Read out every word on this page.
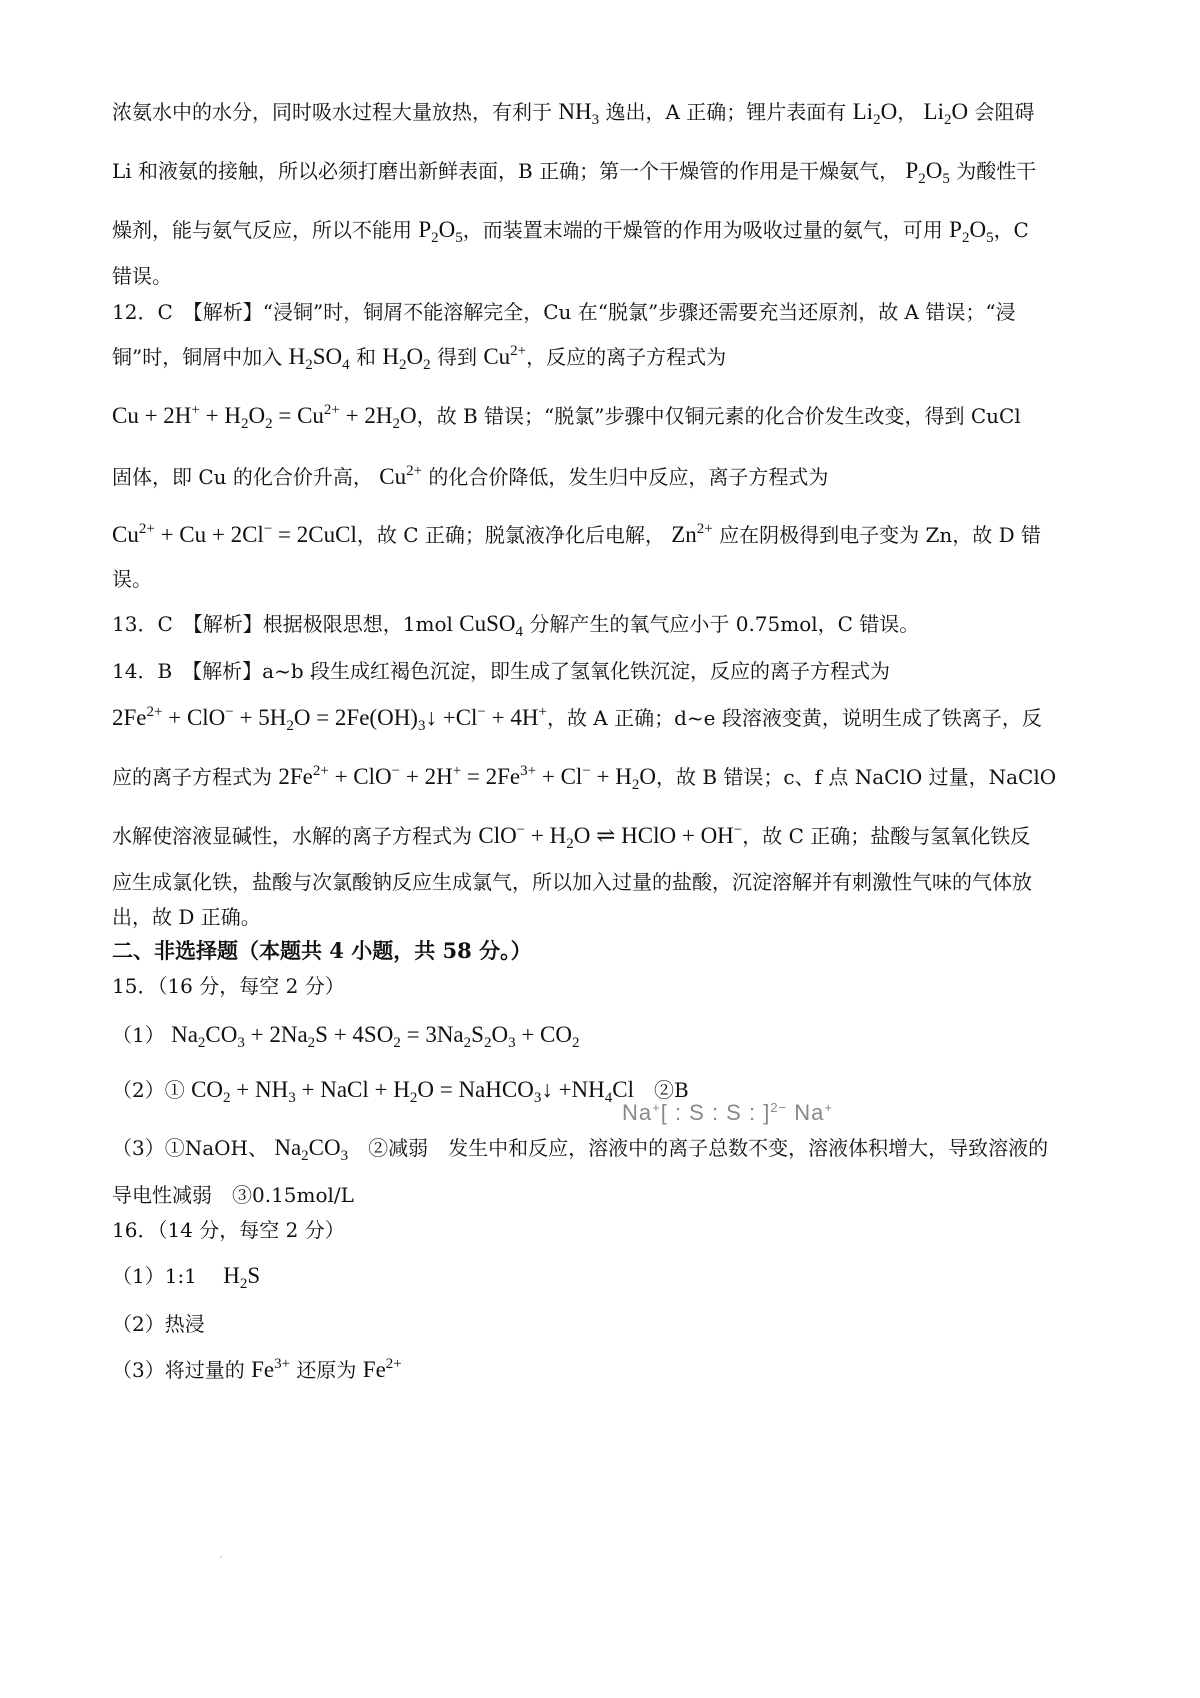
浓氨水中的水分，同时吸水过程大量放热，有利于 $NH_3$ 逸出，A 正确；锂片表面有 $Li_2O$， $Li_2O$ 会阻碍
Li 和液氨的接触，所以必须打磨出新鲜表面，B 正确；第一个干燥管的作用是干燥氨气， $P_2O_5$ 为酸性干
燥剂，能与氨气反应，所以不能用 $P_2O_5$，而装置末端的干燥管的作用为吸收过量的氨气，可用 $P_2O_5$，C
错误。
12．C　【解析】“浸铜”时，铜屑不能溶解完全，Cu 在“脱氯”步骤还需要充当还原剂，故 A 错误；“浸
铜”时，铜屑中加入 $H_2SO_4$ 和 $H_2O_2$ 得到 $Cu^{2+}$，反应的离子方程式为
$Cu + 2H^+ + H_2O_2 = Cu^{2+} + 2H_2O$，故 B 错误；“脱氯”步骤中仅铜元素的化合价发生改变，得到 CuCl
固体，即 Cu 的化合价升高， $Cu^{2+}$ 的化合价降低，发生归中反应，离子方程式为
$Cu^{2+} + Cu + 2Cl^-$ = 2CuCl，故 C 正确；脱氯液净化后电解， $Zn^{2+}$ 应在阴极得到电子变为 Zn，故 D 错
误。
13．C　【解析】根据极限思想，1mol CuSO$_4$ 分解产生的氧气应小于 0.75mol，C 错误。
14．B　【解析】a~b 段生成红褐色沉淀，即生成了氢氧化铁沉淀，反应的离子方程式为
$2Fe^{2+} + ClO^- + 5H_2O$ = $2Fe(OH)_3↓ +Cl^- + 4H^+$，故 A 正确；d~e 段溶液变黄，说明生成了铁离子，反
应的离子方程式为 $2Fe^{2+} + ClO^- + 2H^+ = 2Fe^{3+} + Cl^- + H_2O$，故 B 错误；c、f 点 NaClO 过量，NaClO
水解使溶液显碱性，水解的离子方程式为 $ClO^- + H_2O$ ⇌ HClO + OH−，故 C 正确；盐酸与氢氧化铁反
应生成氯化铁，盐酸与次氯酸钠反应生成氯气，所以加入过量的盐酸，沉淀溶解并有刺激性气味的气体放
出，故 D 正确。
二、非选择题（本题共 4 小题，共 58 分。）
15．（16 分，每空 2 分）
（1） $Na_2CO_3 + 2Na_2S + 4SO_2 = 3Na_2S_2O_3 + CO_2$
（2）① $CO_2 + NH_3$ + NaCl + $H_2O$ = NaHCO$_3$↓ $+NH_4Cl$　②B
（3）①NaOH、 $Na_2CO_3$　②减弱　发生中和反应，溶液中的离子总数不变，溶液体积增大，导致溶液的
导电性减弱　③0.15mol/L
16．（14 分，每空 2 分）
（1）1:1　 $H_2S$
（2）热浸
（3）将过量的 $Fe^{3+}$ 还原为 $Fe^{2+}$
Na+[ : S : S : ]$^{2-}$ Na+
